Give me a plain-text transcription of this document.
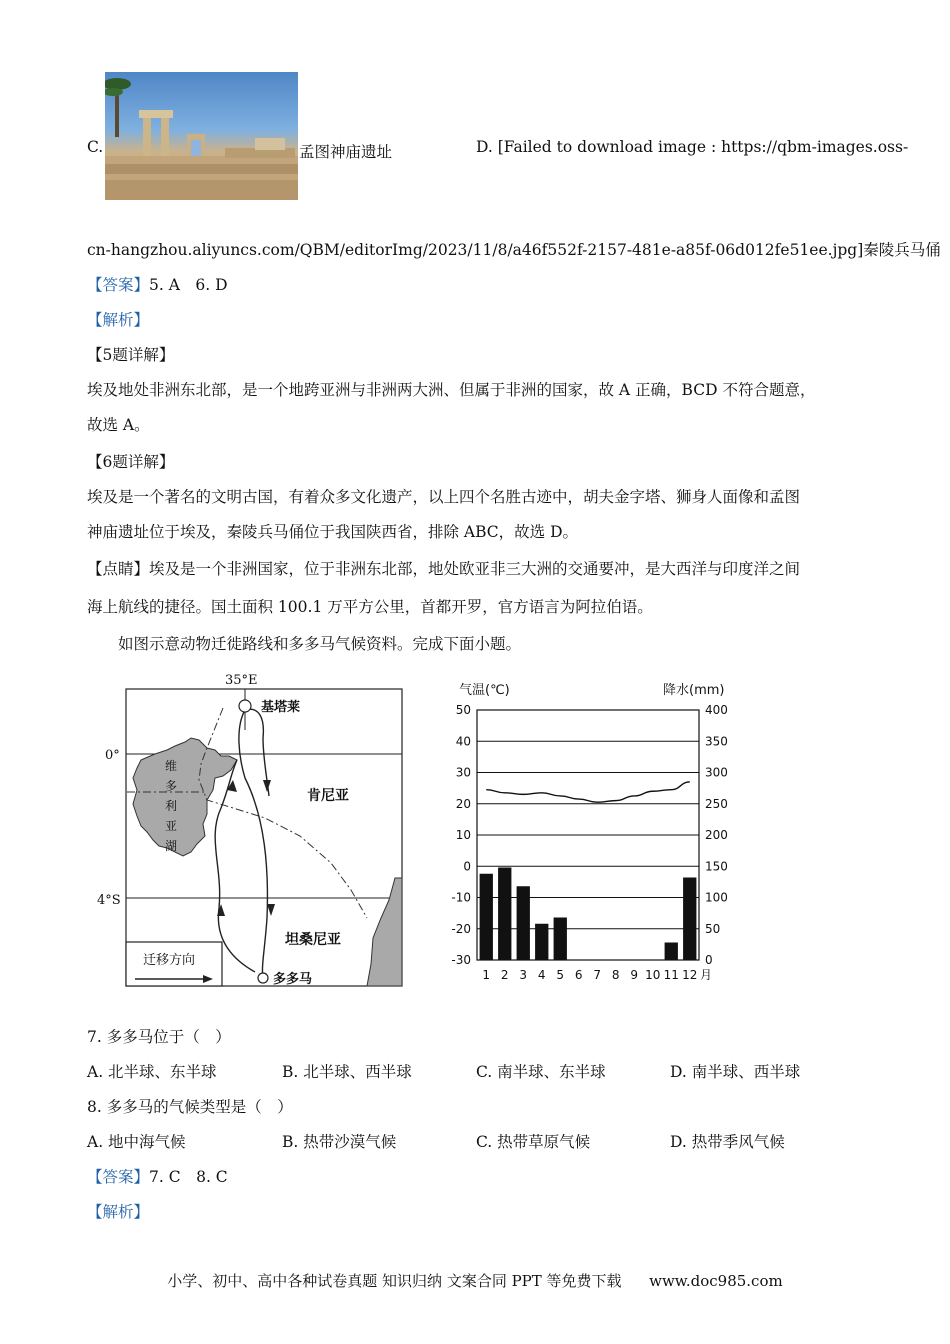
C.	孟图神庙遗址	D. [Failed to download image : https://qbm-images.oss-
cn-hangzhou.aliyuncs.com/QBM/editorImg/2023/11/8/a46f552f-2157-481e-a85f-06d012fe51ee.jpg]秦陵兵马俑
【答案】5. A　6. D
【解析】
【5题详解】
埃及地处非洲东北部，是一个地跨亚洲与非洲两大洲、但属于非洲的国家，故 A 正确，BCD 不符合题意，
故选 A。
【6题详解】
埃及是一个著名的文明古国，有着众多文化遗产，以上四个名胜古迹中，胡夫金字塔、狮身人面像和孟图
神庙遗址位于埃及，秦陵兵马俑位于我国陕西省，排除 ABC，故选 D。
【点睛】埃及是一个非洲国家，位于非洲东北部，地处欧亚非三大洲的交通要冲，是大西洋与印度洋之间
海上航线的捷径。国土面积 100.1 万平方公里，首都开罗，官方语言为阿拉伯语。
如图示意动物迁徙路线和多多马气候资料。完成下面小题。
维
多
利
亚
湖
35°E
0°
4°S
基塔莱
多多马
肯尼亚
坦桑尼亚
迁移方向
气温(℃)	降水(mm)
月
50
40
30
20
10
0
-10
-20
-30
400
350
300
250
200
150
100
50
0
1 2 3 4 5 6 7 8 9 10 11 12
7. 多多马位于（　）
A. 北半球、东半球	B. 北半球、西半球	C. 南半球、东半球	D. 南半球、西半球
8. 多多马的气候类型是（　）
A. 地中海气候	B. 热带沙漠气候	C. 热带草原气候	D. 热带季风气候
【答案】7. C　8. C
【解析】
小学、初中、高中各种试卷真题 知识归纳 文案合同 PPT 等免费下载 www.doc985.com
